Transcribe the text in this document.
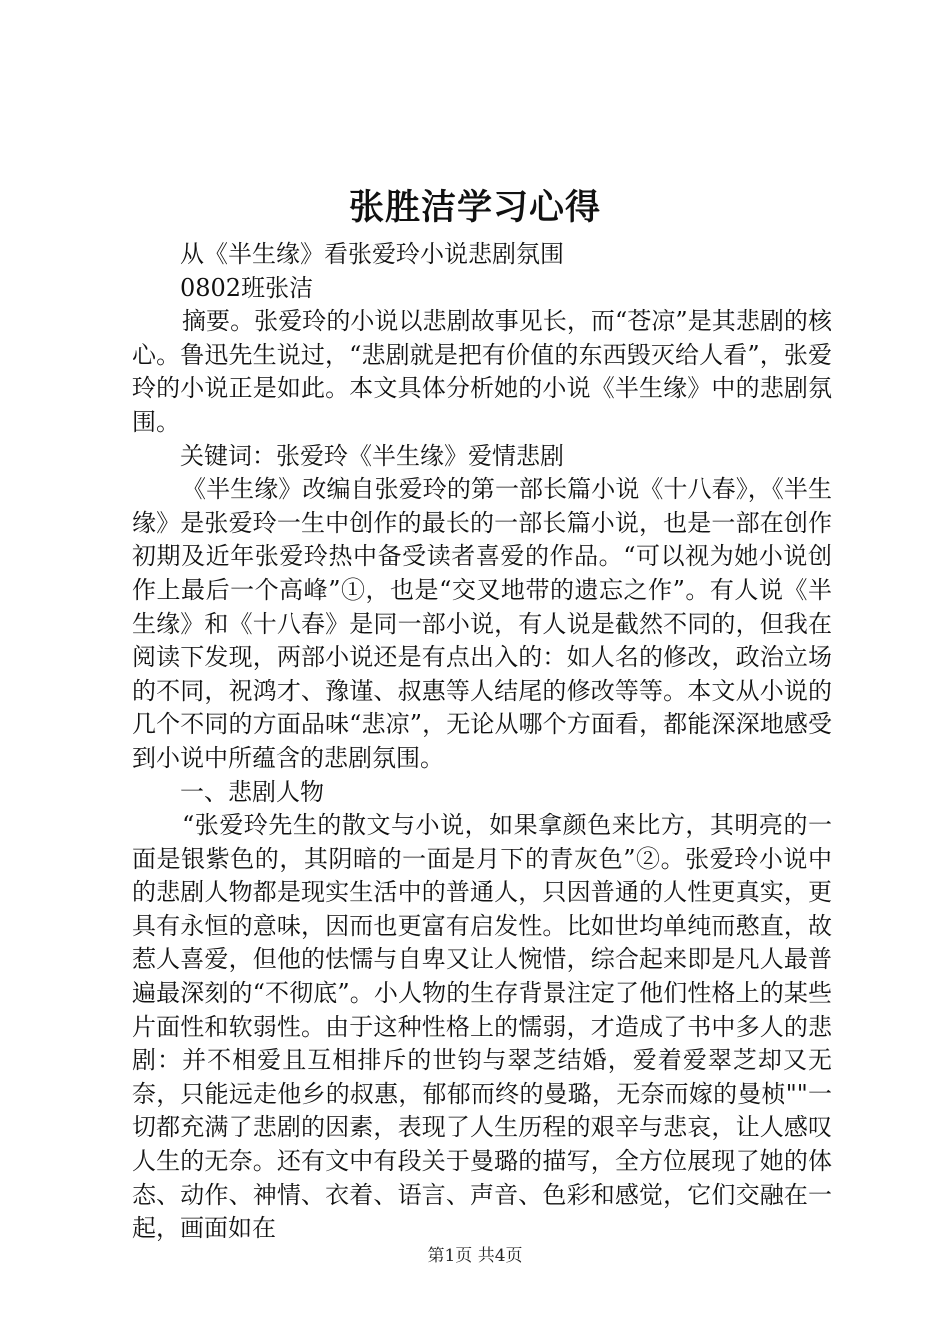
张胜洁学习心得

从《半生缘》看张爱玲小说悲剧氛围

0802班张洁

摘要。张爱玲的小说以悲剧故事见长，而“苍凉”是其悲剧的核心。鲁迅先生说过，“悲剧就是把有价值的东西毁灭给人看”，张爱玲的小说正是如此。本文具体分析她的小说《半生缘》中的悲剧氛围。

关键词：张爱玲《半生缘》爱情悲剧

《半生缘》改编自张爱玲的第一部长篇小说《十八春》，《半生缘》是张爱玲一生中创作的最长的一部长篇小说，也是一部在创作初期及近年张爱玲热中备受读者喜爱的作品。“可以视为她小说创作上最后一个高峰”①，也是“交叉地带的遗忘之作”。有人说《半生缘》和《十八春》是同一部小说，有人说是截然不同的，但我在阅读下发现，两部小说还是有点出入的：如人名的修改，政治立场的不同，祝鸿才、豫谨、叔惠等人结尾的修改等等。本文从小说的几个不同的方面品味“悲凉”，无论从哪个方面看，都能深深地感受到小说中所蕴含的悲剧氛围。

一、悲剧人物

“张爱玲先生的散文与小说，如果拿颜色来比方，其明亮的一面是银紫色的，其阴暗的一面是月下的青灰色”②。张爱玲小说中的悲剧人物都是现实生活中的普通人，只因普通的人性更真实，更具有永恒的意味，因而也更富有启发性。比如世均单纯而憨直，故惹人喜爱，但他的怯懦与自卑又让人惋惜，综合起来即是凡人最普遍最深刻的“不彻底”。小人物的生存背景注定了他们性格上的某些片面性和软弱性。由于这种性格上的懦弱，才造成了书中多人的悲剧：并不相爱且互相排斥的世钧与翠芝结婚，爱着爱翠芝却又无奈，只能远走他乡的叔惠，郁郁而终的曼璐，无奈而嫁的曼桢""一切都充满了悲剧的因素，表现了人生历程的艰辛与悲哀，让人感叹人生的无奈。还有文中有段关于曼璐的描写，全方位展现了她的体态、动作、神情、衣着、语言、声音、色彩和感觉，它们交融在一起，画面如在

第1页 共4页
